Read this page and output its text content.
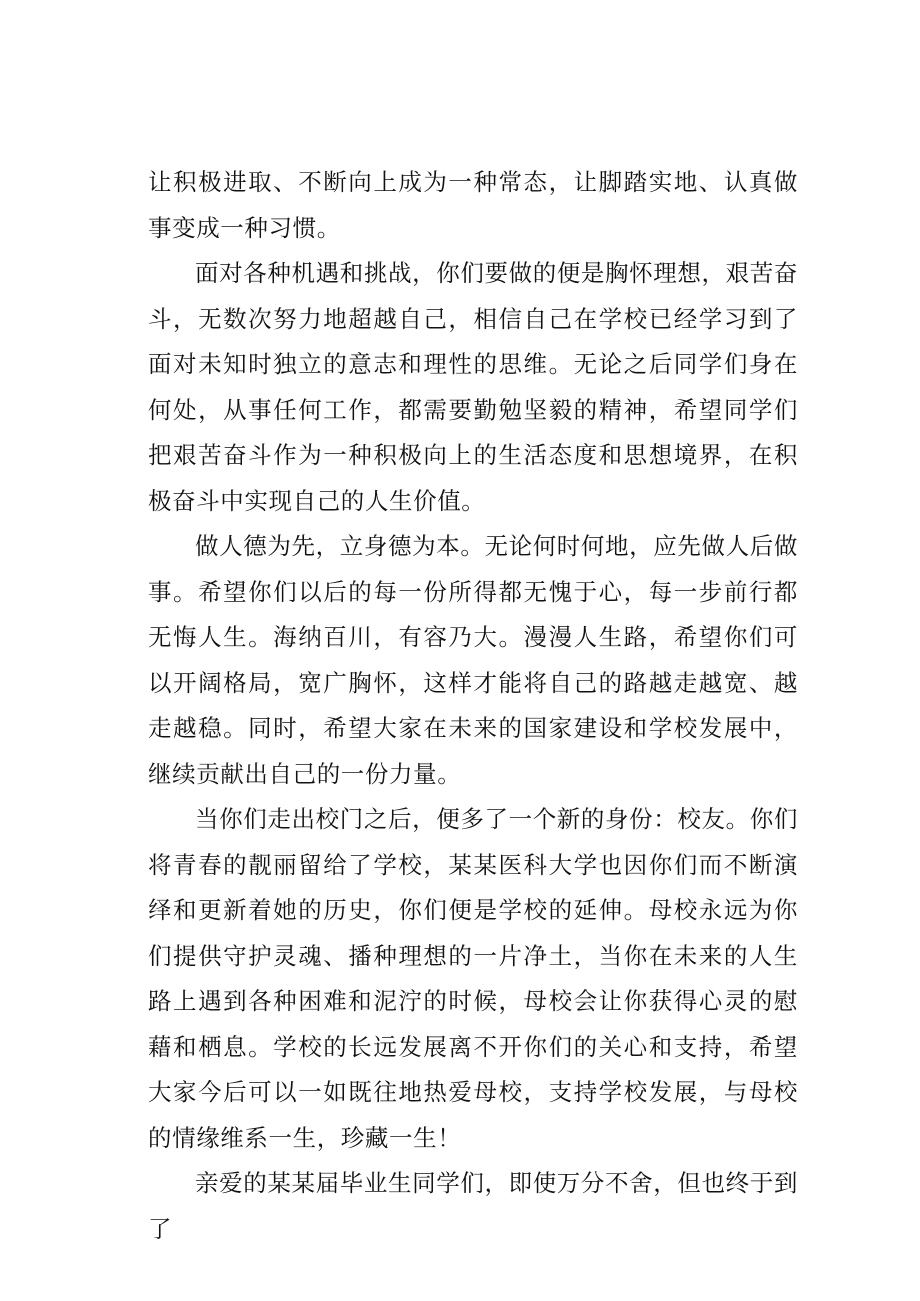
让积极进取、不断向上成为一种常态，让脚踏实地、认真做事变成一种习惯。

面对各种机遇和挑战，你们要做的便是胸怀理想，艰苦奋斗，无数次努力地超越自己，相信自己在学校已经学习到了面对未知时独立的意志和理性的思维。无论之后同学们身在何处，从事任何工作，都需要勤勉坚毅的精神，希望同学们把艰苦奋斗作为一种积极向上的生活态度和思想境界，在积极奋斗中实现自己的人生价值。

做人德为先，立身德为本。无论何时何地，应先做人后做事。希望你们以后的每一份所得都无愧于心，每一步前行都无悔人生。海纳百川，有容乃大。漫漫人生路，希望你们可以开阔格局，宽广胸怀，这样才能将自己的路越走越宽、越走越稳。同时，希望大家在未来的国家建设和学校发展中，继续贡献出自己的一份力量。

当你们走出校门之后，便多了一个新的身份：校友。你们将青春的靓丽留给了学校，某某医科大学也因你们而不断演绎和更新着她的历史，你们便是学校的延伸。母校永远为你们提供守护灵魂、播种理想的一片净土，当你在未来的人生路上遇到各种困难和泥泞的时候，母校会让你获得心灵的慰藉和栖息。学校的长远发展离不开你们的关心和支持，希望大家今后可以一如既往地热爱母校，支持学校发展，与母校的情缘维系一生，珍藏一生！

亲爱的某某届毕业生同学们，即使万分不舍，但也终于到了
